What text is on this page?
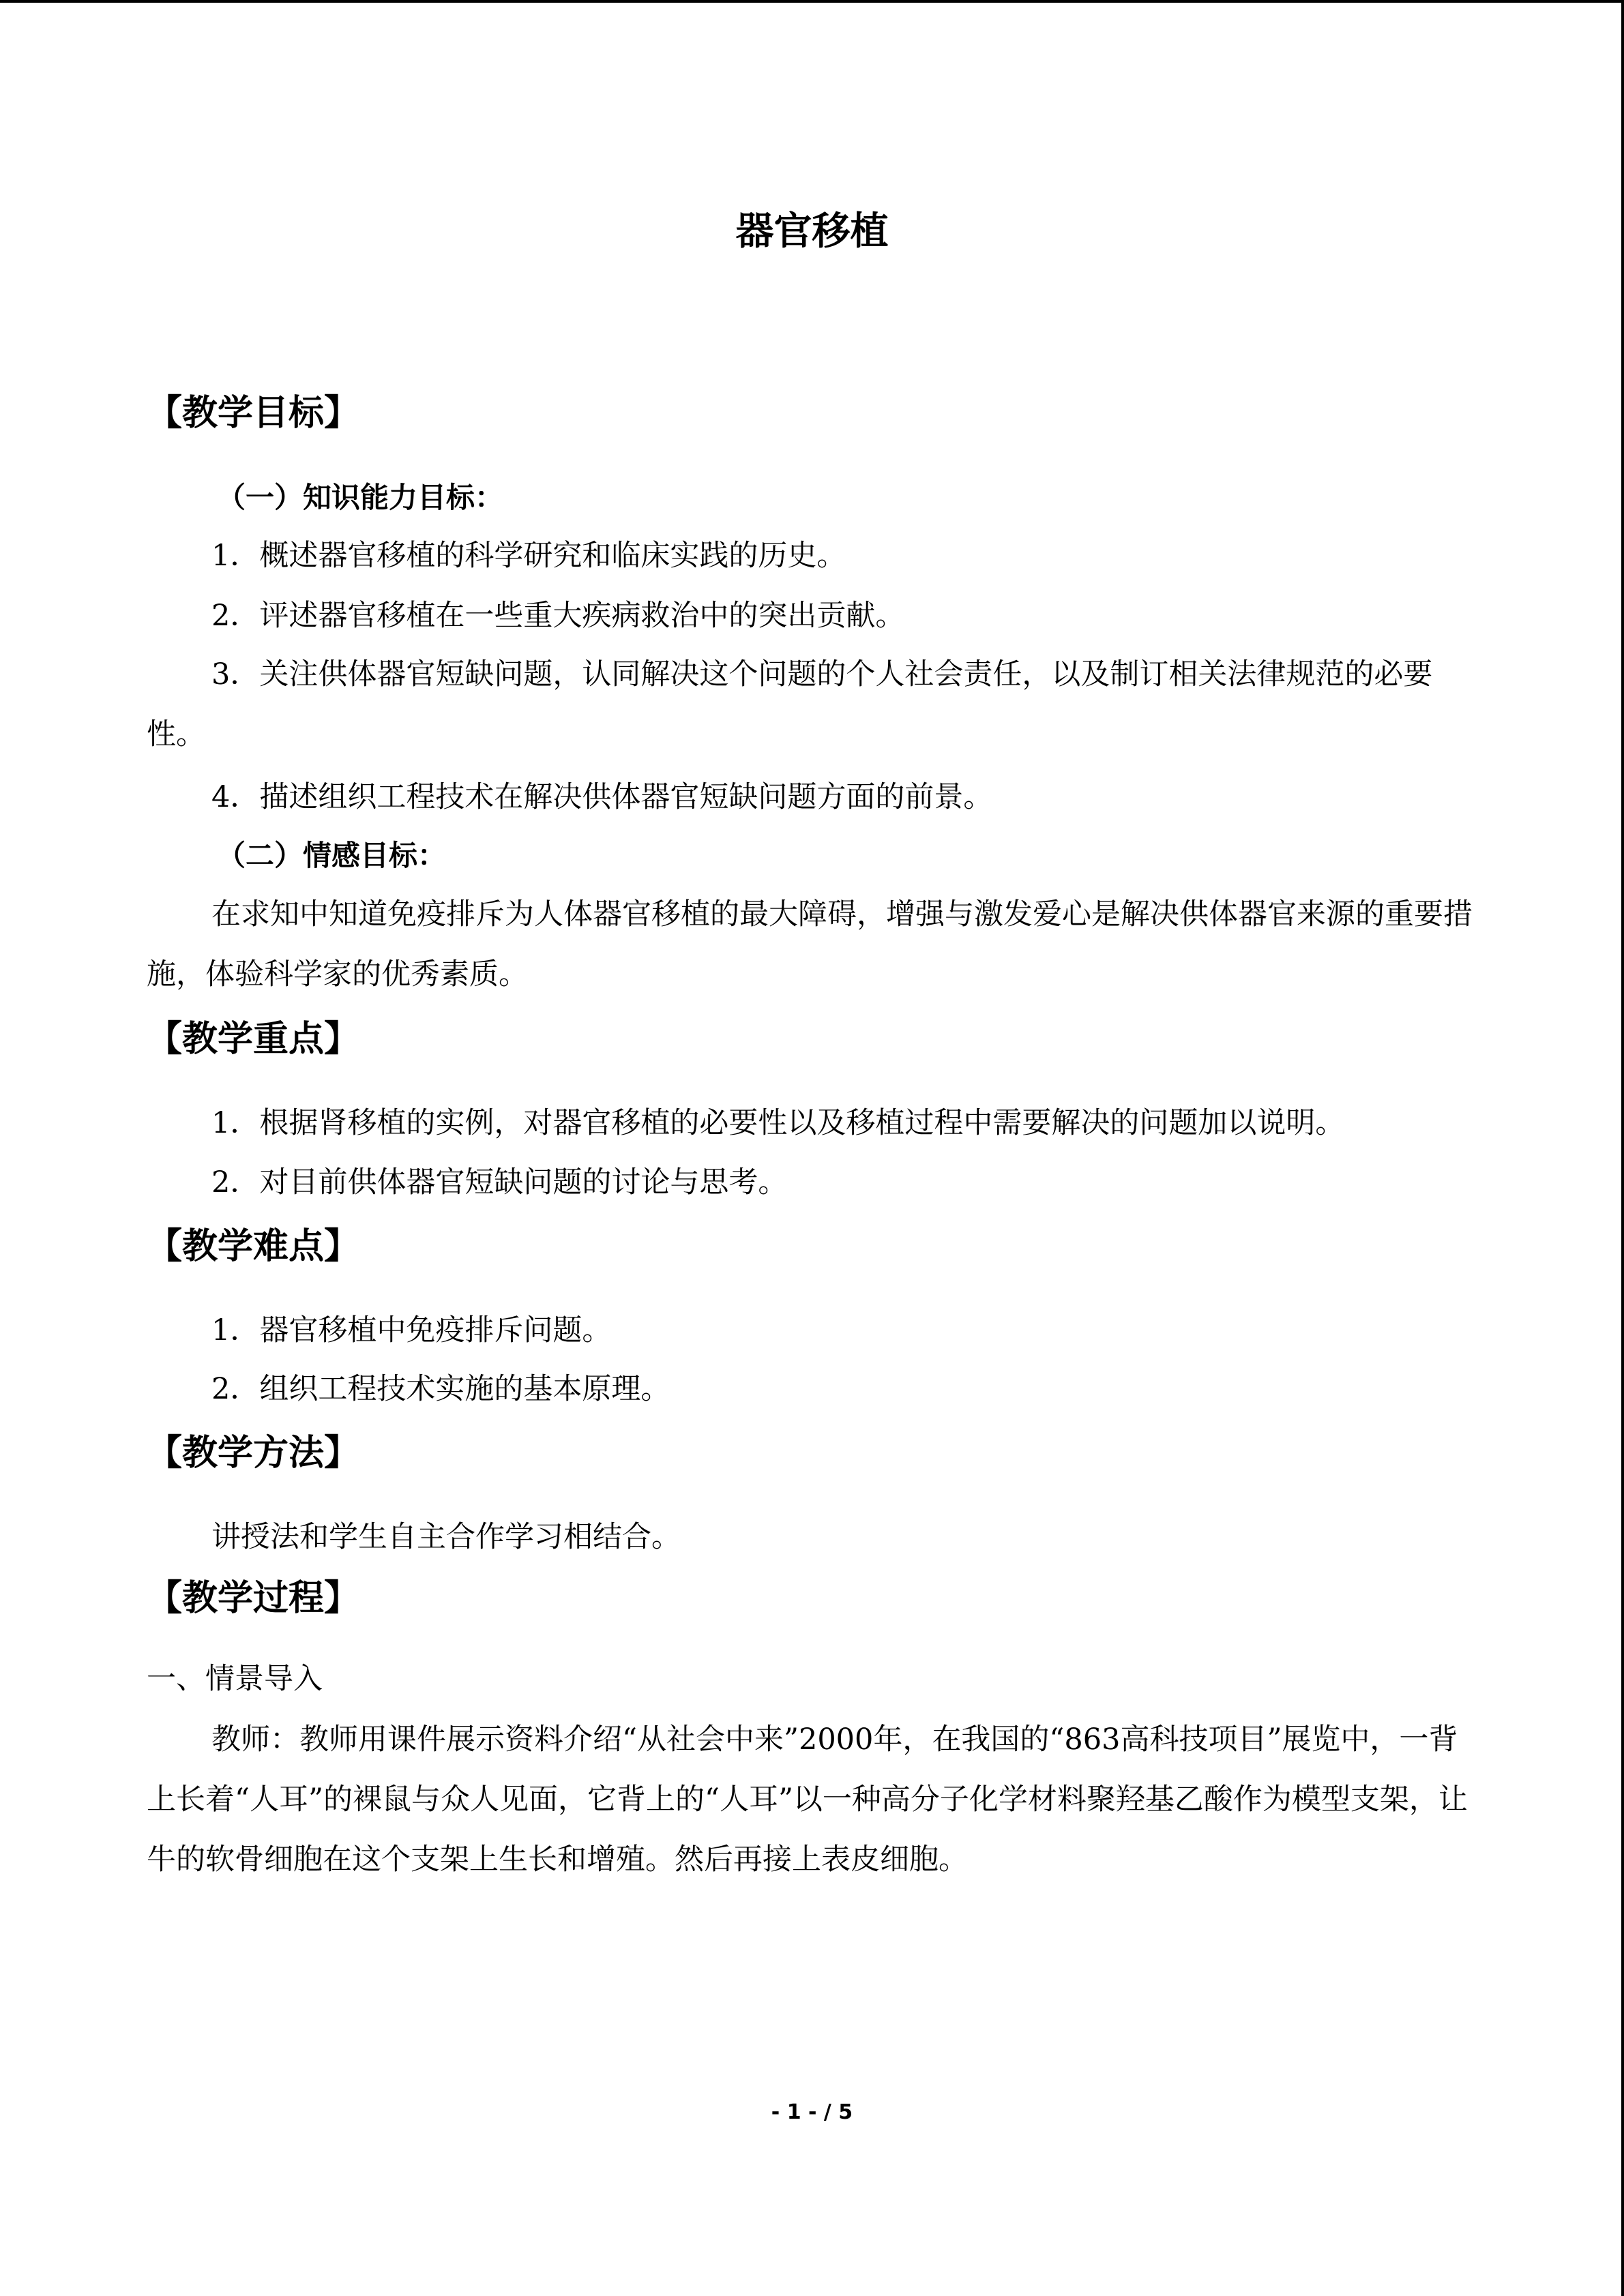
器官移植
【教学目标】
（一）知识能力目标：

1．概述器官移植的科学研究和临床实践的历史。

2．评述器官移植在一些重大疾病救治中的突出贡献。

3．关注供体器官短缺问题，认同解决这个问题的个人社会责任，以及制订相关法律规范的必要性。

4．描述组织工程技术在解决供体器官短缺问题方面的前景。

（二）情感目标：

在求知中知道免疫排斥为人体器官移植的最大障碍，增强与激发爱心是解决供体器官来源的重要措施，体验科学家的优秀素质。

【教学重点】

1．根据肾移植的实例，对器官移植的必要性以及移植过程中需要解决的问题加以说明。

2．对目前供体器官短缺问题的讨论与思考。

【教学难点】

1．器官移植中免疫排斥问题。

2．组织工程技术实施的基本原理。

【教学方法】

讲授法和学生自主合作学习相结合。

【教学过程】

一、情景导入

教师：教师用课件展示资料介绍“从社会中来”2000年，在我国的“863高科技项目”展览中，一背上长着“人耳”的裸鼠与众人见面，它背上的“人耳”以一种高分子化学材料聚羟基乙酸作为模型支架，让牛的软骨细胞在这个支架上生长和增殖。然后再接上表皮细胞。

- 1 - / 5
